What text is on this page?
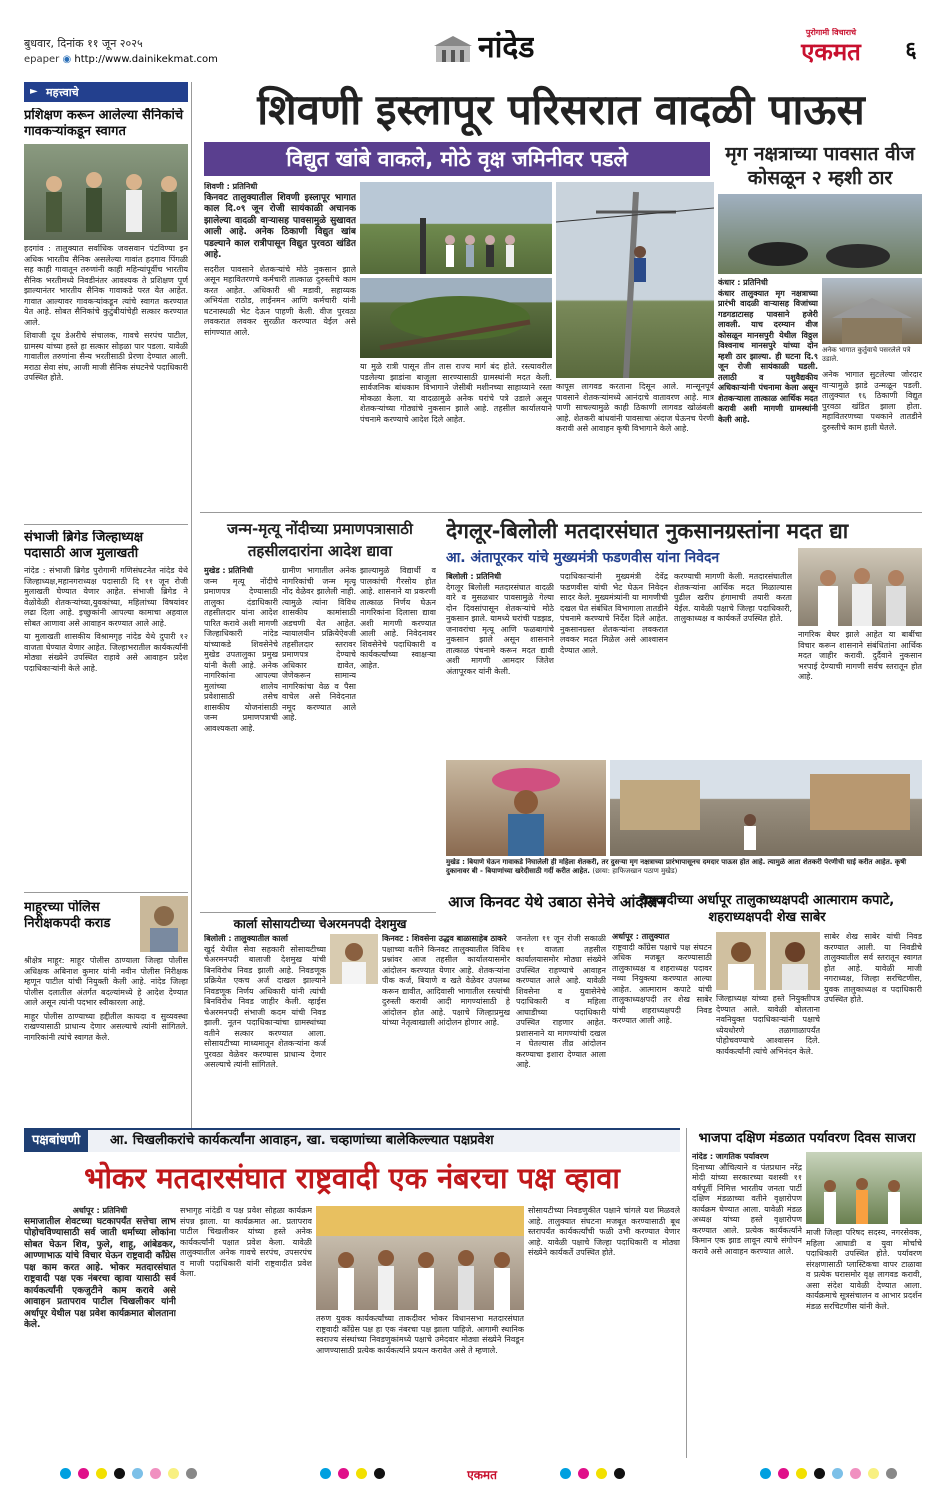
बुधवार, दिनांक ११ जून २०२५
epaper ◉ http://www.dainikekmat.com	नांदेड	पुरोगामी विचाराचे
एकमत	६
► महत्त्वाचे
प्रशिक्षण करून आलेल्या सैनिकांचे गावकऱ्यांकडून स्वागत

हदगांव : तालुक्यात सर्वाधिक जवसवान पंटविण्या इन अधिक भारतीय सैनिक असलेल्या गावांत हदगाव पिंगळी सह काही गावातून तरुणांनी काही महिन्यांपूर्वीच भारतीय सैनिक भरतीमध्ये निवडीनंतर आवश्यक ते प्रशिक्षण पूर्ण झाल्यानंतर भारतीय सैनिक गावाकडे परत येत आहेत. गावात आल्यावर गावकऱ्यांकडून त्यांचे स्वागत करण्यात येत आहे. सोबत सैनिकांचे कुटुंबीयांचेही सत्कार करण्यात आले.

शिवाजी दूध डेअरीचे संचालक, गावचे सरपंच पाटील, ग्रामस्थ यांच्या हस्ते हा सत्कार सोहळा पार पडला. यावेळी गावातील तरुणांना सैन्य भरतीसाठी प्रेरणा देण्यात आली. मराठा सेवा संघ, आजी माजी सैनिक संघटनेचे पदाधिकारी उपस्थित होते.

संभाजी ब्रिगेड जिल्हाध्यक्ष पदासाठी आज मुलाखती

नांदेड : संभाजी ब्रिगेड पुरोगामी गणिसंघटनेत नांदेड येथे जिल्हाध्यक्ष,महानगराध्यक्ष पदासाठी दि ११ जून रोजी मुलाखती घेण्यात येणार आहेत. संभाजी ब्रिगेड ने वेळोवेळी शेतकऱ्यांच्या,युवकांच्या, महिलांच्या विषयांवर लढा दिला आहे. इच्छुकांनी आपल्या कामाचा अहवाल सोबत आणावा असे आवाहन करण्यात आले आहे.

या मुलाखती शासकीय विश्रामगृह नांदेड येथे दुपारी १२ वाजता घेण्यात येणार आहेत. जिल्हाभरातील कार्यकर्त्यांनी मोठ्या संख्येने उपस्थित राहावे असे आवाहन प्रदेश पदाधिकाऱ्यांनी केले आहे.

माहूरच्या पोलिस निरीक्षकपदी कराड

श्रीक्षेत्र माहूर: माहूर पोलीस ठाण्याला जिल्हा पोलीस अधिक्षक अबिनाश कुमार यांनी नवीन पोलीस निरीक्षक म्हणून पाटील यांची नियुक्ती केली आहे. नांदेड जिल्हा पोलीस दलातील अंतर्गत बदल्यांमध्ये हे आदेश देण्यात आले असून त्यांनी पदभार स्वीकारला आहे.

माहूर पोलीस ठाण्याच्या हद्दीतील कायदा व सुव्यवस्था राखण्यासाठी प्राधान्य देणार असल्याचे त्यांनी सांगितले. नागरिकांनी त्यांचे स्वागत केले.

शिवणी इस्लापूर परिसरात वादळी पाऊस
विद्युत खांबे वाकले, मोठे वृक्ष जमिनीवर पडले
शिवणी : प्रतिनिधी
किनवट तालुक्यातील शिवणी इस्लापूर भागात काल दि.०९ जून रोजी सायंकाळी अचानक झालेल्या वादळी वाऱ्यासह पावसामुळे सुखावत आली आहे. अनेक ठिकाणी विद्युत खांब पडल्याने काल रात्रीपासून विद्युत पुरवठा खंडित आहे.
सदरील पावसाने शेतकऱ्यांचे मोठे नुकसान झाले असून महावितरणचे कर्मचारी तात्काळ दुरुस्तीचे काम करत आहेत. अधिकारी श्री मडावी, सहाय्यक अभियंता राठोड, लाईनमन आणि कर्मचारी यांनी घटनास्थळी भेट देऊन पाहणी केली. वीज पुरवठा लवकरात लवकर सुरळीत करण्यात येईल असे सांगण्यात आले.
या मुळे रात्री पासून तीन तास राज्य मार्ग बंद होते. रस्त्यावरील पडलेल्या झाडांना बाजूला सारण्यासाठी ग्रामस्थांनी मदत केली. सार्वजनिक बांधकाम विभागाने जेसीबी मशीनच्या साहाय्याने रस्ता मोकळा केला. या वादळामुळे अनेक घरांचे पत्रे उडाले असून शेतकऱ्यांच्या गोठ्यांचे नुकसान झाले आहे. तहसील कार्यालयाने पंचनामे करण्याचे आदेश दिले आहेत.
कापूस लागवड करताना दिसून आले. मान्सूनपूर्व पावसाने शेतकऱ्यांमध्ये आनंदाचे वातावरण आहे. मात्र पाणी साचल्यामुळे काही ठिकाणी लागवड खोळंबली आहे. शेतकरी बांधवांनी पावसाचा अंदाज घेऊनच पेरणी करावी असे आवाहन कृषी विभागाने केले आहे.
मृग नक्षत्राच्या पावसात वीज कोसळून २ म्हशी ठार
कंधार : प्रतिनिधी
कंधार तालुक्यात मृग नक्षत्राच्या प्रारंभी वादळी वाऱ्यासह विजांच्या गडगडाटासह पावसाने हजेरी लावली. याच दरम्यान वीज कोसळून मानसपुरी येथील विठ्ठल विश्वनाथ मानसपुरे यांच्या दोन म्हशी ठार झाल्या. ही घटना दि.९ जून रोजी सायंकाळी घडली. तलाठी व पशुवैद्यकीय अधिकाऱ्यांनी पंचनामा केला असून शेतकऱ्याला तात्काळ आर्थिक मदत करावी अशी मागणी ग्रामस्थांनी केली आहे.
अनेक भागात कुर्तुवाचे पसरलेले पत्रे उडाले.
अनेक भागात सुटलेल्या जोरदार वाऱ्यामुळे झाडे उन्मळून पडली. तालुक्यात १६ ठिकाणी विद्युत पुरवठा खंडित झाला होता. महावितरणच्या पथकाने तातडीने दुरुस्तीचे काम हाती घेतले.
जन्म-मृत्यू नोंदीच्या प्रमाणपत्रासाठी तहसीलदारांना आदेश द्यावा
मुखेड : प्रतिनिधी
जन्म मृत्यू नोंदीचे प्रमाणपत्र देण्यासाठी तालुका दंडाधिकारी तहसीलदार यांना आदेश पारित करावे अशी मागणी जिल्हाधिकारी नांदेड यांच्याकडे शिवसेनेचे मुखेड उपतालुका प्रमुख यांनी केली आहे. अनेक नागरिकांना आपल्या मुलांच्या शालेय प्रवेशासाठी तसेच शासकीय योजनांसाठी जन्म प्रमाणपत्राची आवश्यकता आहे.
ग्रामीण भागातील अनेक नागरिकांची जन्म मृत्यू नोंद वेळेवर झालेली नाही. त्यामुळे त्यांना विविध शासकीय कामांसाठी अडचणी येत आहेत. न्यायालयीन प्रक्रियेऐवजी तहसीलदार स्तरावर प्रमाणपत्र देण्याचे अधिकार द्यावेत, जेणेकरून सामान्य नागरिकांचा वेळ व पैसा वाचेल असे निवेदनात नमूद करण्यात आले आहे.
झाल्यामुळे विद्यार्थी व पालकांची गैरसोय होत आहे. शासनाने या प्रकरणी तात्काळ निर्णय घेऊन नागरिकांना दिलासा द्यावा अशी मागणी करण्यात आली आहे. निवेदनावर शिवसेनेचे पदाधिकारी व कार्यकर्त्यांच्या स्वाक्षऱ्या आहेत.
देगलूर-बिलोली मतदारसंघात नुकसानग्रस्तांना मदत द्या
आ. अंतापूरकर यांचे मुख्यमंत्री फडणवीस यांना निवेदन
बिलोली : प्रतिनिधी
देगलूर बिलोली मतदारसंघात वादळी वारे व मुसळधार पावसामुळे गेल्या दोन दिवसांपासून शेतकऱ्यांचे मोठे नुकसान झाले. यामध्ये घरांची पडझड, जनावरांचा मृत्यू आणि फळबागांचे नुकसान झाले असून शासनाने तात्काळ पंचनामे करून मदत द्यावी अशी मागणी आमदार जितेश अंतापूरकर यांनी केली.
पदाधिकाऱ्यांनी मुख्यमंत्री देवेंद्र फडणवीस यांची भेट घेऊन निवेदन सादर केले. मुख्यमंत्र्यांनी या मागणीची दखल घेत संबंधित विभागाला तातडीने पंचनामे करण्याचे निर्देश दिले आहेत. नुकसानग्रस्त शेतकऱ्यांना लवकरात लवकर मदत मिळेल असे आश्वासन देण्यात आले.
करण्याची मागणी केली. मतदारसंघातील शेतकऱ्यांना आर्थिक मदत मिळाल्यास पुढील खरीप हंगामाची तयारी करता येईल. यावेळी पक्षाचे जिल्हा पदाधिकारी, तालुकाध्यक्ष व कार्यकर्ते उपस्थित होते.
नागरिक बेघर झाले आहेत या बाबींचा विचार करून शासनाने संबंधितांना आर्थिक मदत जाहीर करावी. दुर्दैवाने नुकसान भरपाई देण्याची मागणी सर्वच स्तरातून होत आहे.
मुखेड : बियाणे घेऊन गावाकडे निघालेली ही महिला शेतकरी, तर दुसऱ्या मृग नक्षत्राच्या प्रारंभापासूनच दमदार पाऊस होत आहे. त्यामुळे आता शेतकरी पेरणीची घाई करीत आहेत. कृषी दुकानावर बी - बियाणांच्या खरेदीसाठी गर्दी करीत आहेत. (छाया: हाफिजखान पठाण मुखेड)
कार्ला सोसायटीच्या चेअरमनपदी देशमुख
बिलोली : तालुक्यातील कार्ला
खुर्द येथील सेवा सहकारी सोसायटीच्या चेअरमनपदी बालाजी देशमुख यांची बिनविरोध निवड झाली आहे. निवडणूक प्रक्रियेत एकच अर्ज दाखल झाल्याने निवडणूक निर्णय अधिकारी यांनी त्यांची बिनविरोध निवड जाहीर केली. व्हाईस चेअरमनपदी संभाजी कदम यांची निवड झाली. नूतन पदाधिकाऱ्यांचा ग्रामस्थांच्या वतीने सत्कार करण्यात आला. सोसायटीच्या माध्यमातून शेतकऱ्यांना कर्ज पुरवठा वेळेवर करण्यास प्राधान्य देणार असल्याचे त्यांनी सांगितले.
आज किनवट येथे उबाठा सेनेचे आंदोलन
किनवट : शिवसेना उद्धव बाळासाहेब ठाकरे
पक्षाच्या वतीने किनवट तालुक्यातील विविध प्रश्नांवर आज तहसील कार्यालयासमोर आंदोलन करण्यात येणार आहे. शेतकऱ्यांना पीक कर्ज, बियाणे व खते वेळेवर उपलब्ध करून द्यावीत, आदिवासी भागातील रस्त्यांची दुरुस्ती करावी आदी मागण्यांसाठी हे आंदोलन होत आहे. पक्षाचे जिल्हाप्रमुख यांच्या नेतृत्वाखाली आंदोलन होणार आहे.
जनतेला ११ जून रोजी सकाळी ११ वाजता तहसील कार्यालयासमोर मोठ्या संख्येने उपस्थित राहण्याचे आवाहन करण्यात आले आहे. यावेळी शिवसेना व युवासेनेचे पदाधिकारी व महिला आघाडीच्या पदाधिकारी उपस्थित राहणार आहेत. प्रशासनाने या मागण्यांची दखल न घेतल्यास तीव्र आंदोलन करण्याचा इशारा देण्यात आला आहे.
राष्ट्रवादीच्या अर्धापूर तालुकाध्यक्षपदी आत्माराम कपाटे, शहराध्यक्षपदी शेख साबेर
अर्धापूर : तालुक्यात
राष्ट्रवादी काँग्रेस पक्षाचे पक्ष संघटन अधिक मजबूत करण्यासाठी तालुकाध्यक्ष व शहराध्यक्ष पदावर नव्या नियुक्त्या करण्यात आल्या आहेत. आत्माराम कपाटे यांची तालुकाध्यक्षपदी तर शेख साबेर यांची शहराध्यक्षपदी निवड करण्यात आली आहे.
जिल्हाध्यक्ष यांच्या हस्ते नियुक्तीपत्र देण्यात आले. यावेळी बोलताना नवनियुक्त पदाधिकाऱ्यांनी पक्षाचे ध्येयधोरणे तळागाळापर्यंत पोहोचवण्याचे आश्वासन दिले. कार्यकर्त्यांनी त्यांचे अभिनंदन केले.
साबेर शेख साबेर यांची निवड करण्यात आली. या निवडीचे तालुक्यातील सर्व स्तरातून स्वागत होत आहे. यावेळी माजी नगराध्यक्ष, जिल्हा सरचिटणीस, युवक तालुकाध्यक्ष व पदाधिकारी उपस्थित होते.
पक्षबांधणी	आ. चिखलीकरांचे कार्यकर्त्यांना आवाहन, खा. चव्हाणांच्या बालेकिल्ल्यात पक्षप्रवेश
भोकर मतदारसंघात राष्ट्रवादी एक नंबरचा पक्ष व्हावा
अर्धापूर : प्रतिनिधी
समाजातील शेवटच्या घटकापर्यंत सत्तेचा लाभ पोहोचविण्यासाठी सर्व जाती धर्माच्या लोकांना सोबत घेऊन शिव, फुले, शाहू, आंबेडकर, आण्णाभाऊ यांचे विचार घेऊन राष्ट्रवादी काँग्रेस पक्ष काम करत आहे. भोकर मतदारसंघात राष्ट्रवादी पक्ष एक नंबरचा व्हावा यासाठी सर्व कार्यकर्त्यांनी एकजुटीने काम करावे असे आवाहन प्रतापराव पाटील चिखलीकर यांनी अर्धापूर येथील पक्ष प्रवेश कार्यक्रमात बोलताना केले.
सभागृह नांदेडी व पक्ष प्रवेश सोहळा कार्यक्रम संपन्न झाला. या कार्यक्रमात आ. प्रतापराव पाटील चिखलीकर यांच्या हस्ते अनेक कार्यकर्त्यांनी पक्षात प्रवेश केला. यावेळी तालुक्यातील अनेक गावचे सरपंच, उपसरपंच व माजी पदाधिकारी यांनी राष्ट्रवादीत प्रवेश केला.
तरुण युवक कार्यकर्त्यांच्या ताकदीवर भोकर विधानसभा मतदारसंघात राष्ट्रवादी काँग्रेस पक्ष हा एक नंबरचा पक्ष झाला पाहिजे. आगामी स्थानिक स्वराज्य संस्थांच्या निवडणुकांमध्ये पक्षाचे उमेदवार मोठ्या संख्येने निवडून आणण्यासाठी प्रत्येक कार्यकर्त्याने प्रयत्न करावेत असे ते म्हणाले.
सोसायटीच्या निवडणुकीत पक्षाने चांगले यश मिळवले आहे. तालुक्यात संघटना मजबूत करण्यासाठी बूथ स्तरापर्यंत कार्यकर्त्यांची फळी उभी करण्यात येणार आहे. यावेळी पक्षाचे जिल्हा पदाधिकारी व मोठ्या संख्येने कार्यकर्ते उपस्थित होते.
भाजपा दक्षिण मंडळात पर्यावरण दिवस साजरा
नांदेड : जागतिक पर्यावरण
दिनाच्या औचित्याने व पंतप्रधान नरेंद्र मोदी यांच्या सरकारच्या यशस्वी ११ वर्षपूर्ती निमित्त भारतीय जनता पार्टी दक्षिण मंडळाच्या वतीने वृक्षारोपण कार्यक्रम घेण्यात आला. यावेळी मंडळ अध्यक्ष यांच्या हस्ते वृक्षारोपण करण्यात आले. प्रत्येक कार्यकर्त्याने किमान एक झाड लावून त्याचे संगोपन करावे असे आवाहन करण्यात आले.
माजी जिल्हा परिषद सदस्य, नगरसेवक, महिला आघाडी व युवा मोर्चाचे पदाधिकारी उपस्थित होते. पर्यावरण संरक्षणासाठी प्लास्टिकचा वापर टाळावा व प्रत्येक घरासमोर वृक्ष लागवड करावी, असा संदेश यावेळी देण्यात आला. कार्यक्रमाचे सूत्रसंचालन व आभार प्रदर्शन मंडळ सरचिटणीस यांनी केले.
एकमत
